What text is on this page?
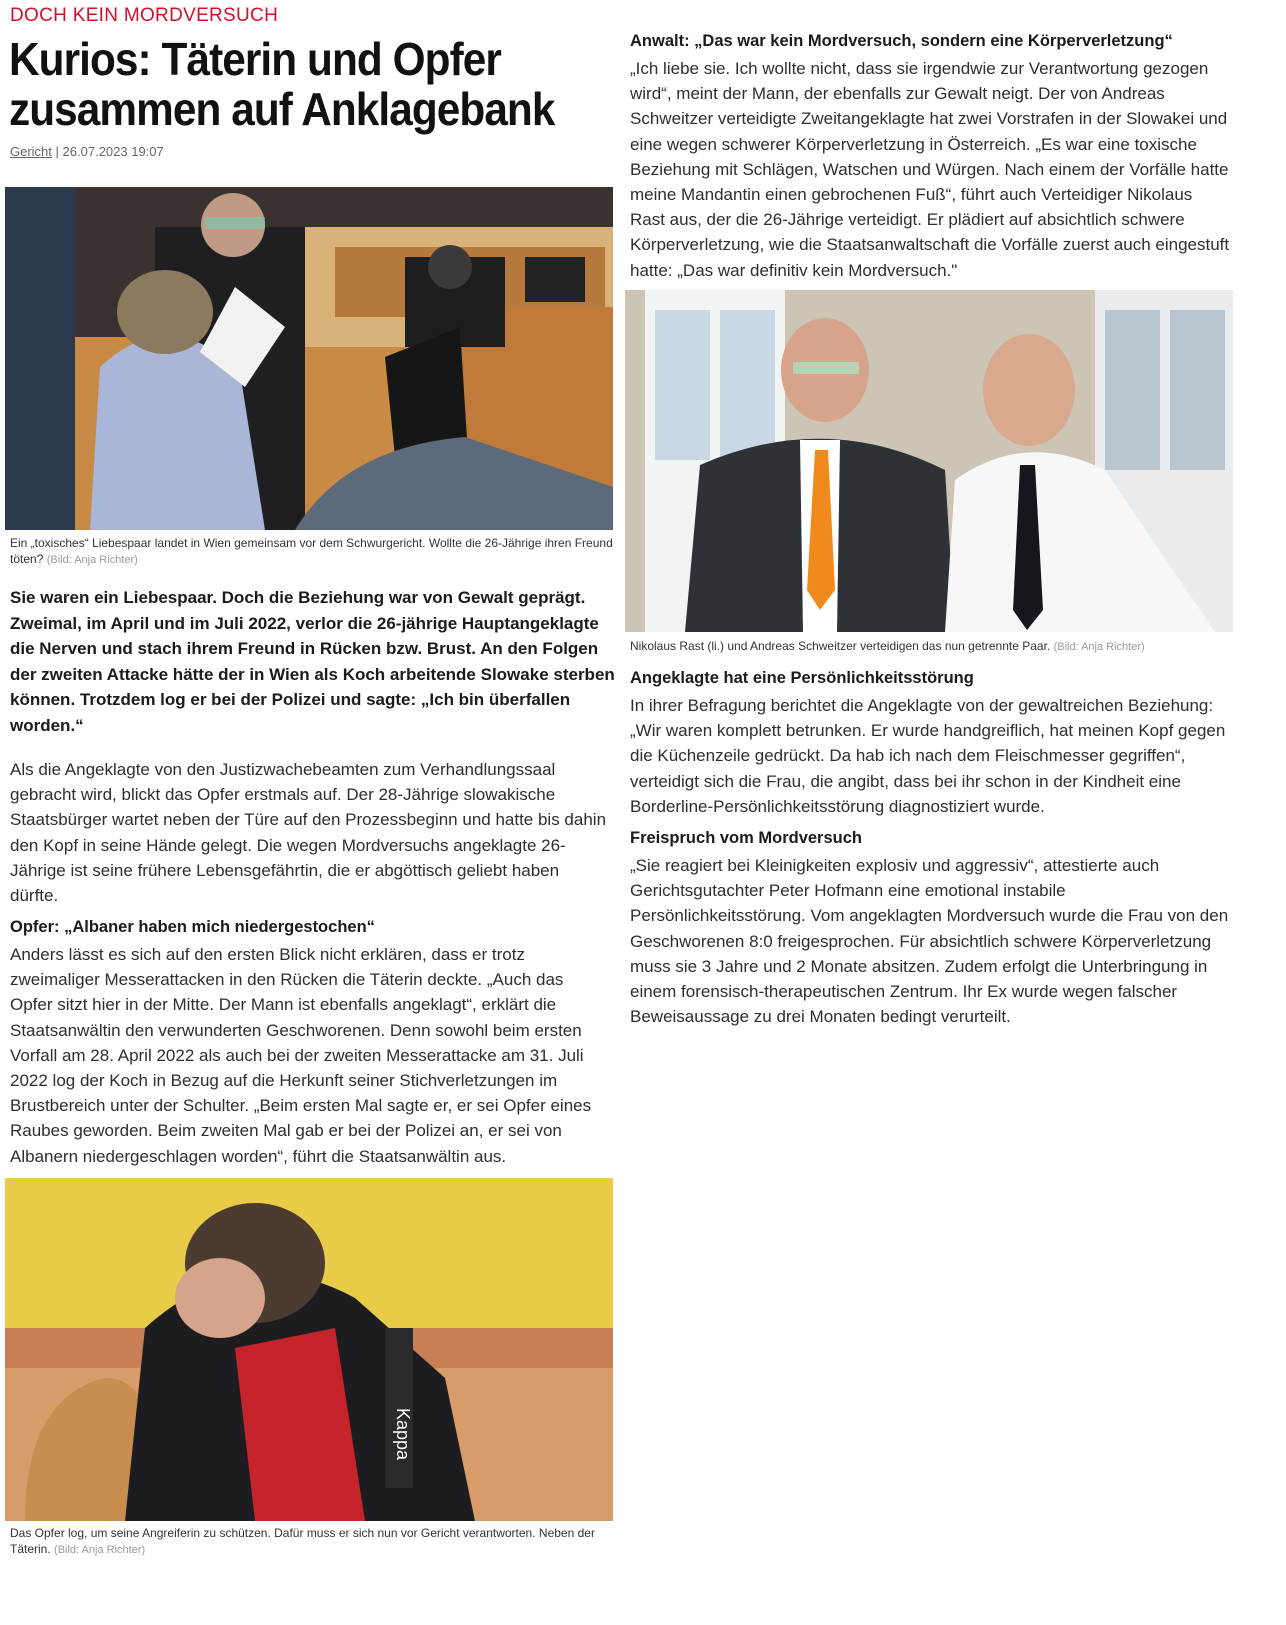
DOCH KEIN MORDVERSUCH
Kurios: Täterin und Opfer zusammen auf Anklagebank
Gericht | 26.07.2023 19:07
Ein „toxisches“ Liebespaar landet in Wien gemeinsam vor dem Schwurgericht. Wollte die 26-Jährige ihren Freund töten? (Bild: Anja Richter)

Sie waren ein Liebespaar. Doch die Beziehung war von Gewalt geprägt. Zweimal, im April und im Juli 2022, verlor die 26-jährige Hauptangeklagte die Nerven und stach ihrem Freund in Rücken bzw. Brust. An den Folgen der zweiten Attacke hätte der in Wien als Koch arbeitende Slowake sterben können. Trotzdem log er bei der Polizei und sagte: „Ich bin überfallen worden.“

Als die Angeklagte von den Justizwachebeamten zum Verhandlungssaal gebracht wird, blickt das Opfer erstmals auf. Der 28-Jährige slowakische Staatsbürger wartet neben der Türe auf den Prozessbeginn und hatte bis dahin den Kopf in seine Hände gelegt. Die wegen Mordversuchs angeklagte 26-Jährige ist seine frühere Lebensgefährtin, die er abgöttisch geliebt haben dürfte.

Opfer: „Albaner haben mich niedergestochen“

Anders lässt es sich auf den ersten Blick nicht erklären, dass er trotz zweimaliger Messerattacken in den Rücken die Täterin deckte. „Auch das Opfer sitzt hier in der Mitte. Der Mann ist ebenfalls angeklagt“, erklärt die Staatsanwältin den verwunderten Geschworenen. Denn sowohl beim ersten Vorfall am 28. April 2022 als auch bei der zweiten Messerattacke am 31. Juli 2022 log der Koch in Bezug auf die Herkunft seiner Stichverletzungen im Brustbereich unter der Schulter. „Beim ersten Mal sagte er, er sei Opfer eines Raubes geworden. Beim zweiten Mal gab er bei der Polizei an, er sei von Albanern niedergeschlagen worden“, führt die Staatsanwältin aus.

Kappa
Das Opfer log, um seine Angreiferin zu schützen. Dafür muss er sich nun vor Gericht verantworten. Neben der Täterin. (Bild: Anja Richter)
Anwalt: „Das war kein Mordversuch, sondern eine Körperverletzung“

„Ich liebe sie. Ich wollte nicht, dass sie irgendwie zur Verantwortung gezogen wird“, meint der Mann, der ebenfalls zur Gewalt neigt. Der von Andreas Schweitzer verteidigte Zweitangeklagte hat zwei Vorstrafen in der Slowakei und eine wegen schwerer Körperverletzung in Österreich. „Es war eine toxische Beziehung mit Schlägen, Watschen und Würgen. Nach einem der Vorfälle hatte meine Mandantin einen gebrochenen Fuß“, führt auch Verteidiger Nikolaus Rast aus, der die 26-Jährige verteidigt. Er plädiert auf absichtlich schwere Körperverletzung, wie die Staatsanwaltschaft die Vorfälle zuerst auch eingestuft hatte: „Das war definitiv kein Mordversuch."

Nikolaus Rast (li.) und Andreas Schweitzer verteidigen das nun getrennte Paar. (Bild: Anja Richter)
Angeklagte hat eine Persönlichkeitsstörung

In ihrer Befragung berichtet die Angeklagte von der gewaltreichen Beziehung: „Wir waren komplett betrunken. Er wurde handgreiflich, hat meinen Kopf gegen die Küchenzeile gedrückt. Da hab ich nach dem Fleischmesser gegriffen“, verteidigt sich die Frau, die angibt, dass bei ihr schon in der Kindheit eine Borderline-Persönlichkeitsstörung diagnostiziert wurde.

Freispruch vom Mordversuch

„Sie reagiert bei Kleinigkeiten explosiv und aggressiv“, attestierte auch Gerichtsgutachter Peter Hofmann eine emotional instabile Persönlichkeitsstörung. Vom angeklagten Mordversuch wurde die Frau von den Geschworenen 8:0 freigesprochen. Für absichtlich schwere Körperverletzung muss sie 3 Jahre und 2 Monate absitzen. Zudem erfolgt die Unterbringung in einem forensisch-therapeutischen Zentrum. Ihr Ex wurde wegen falscher Beweisaussage zu drei Monaten bedingt verurteilt.
